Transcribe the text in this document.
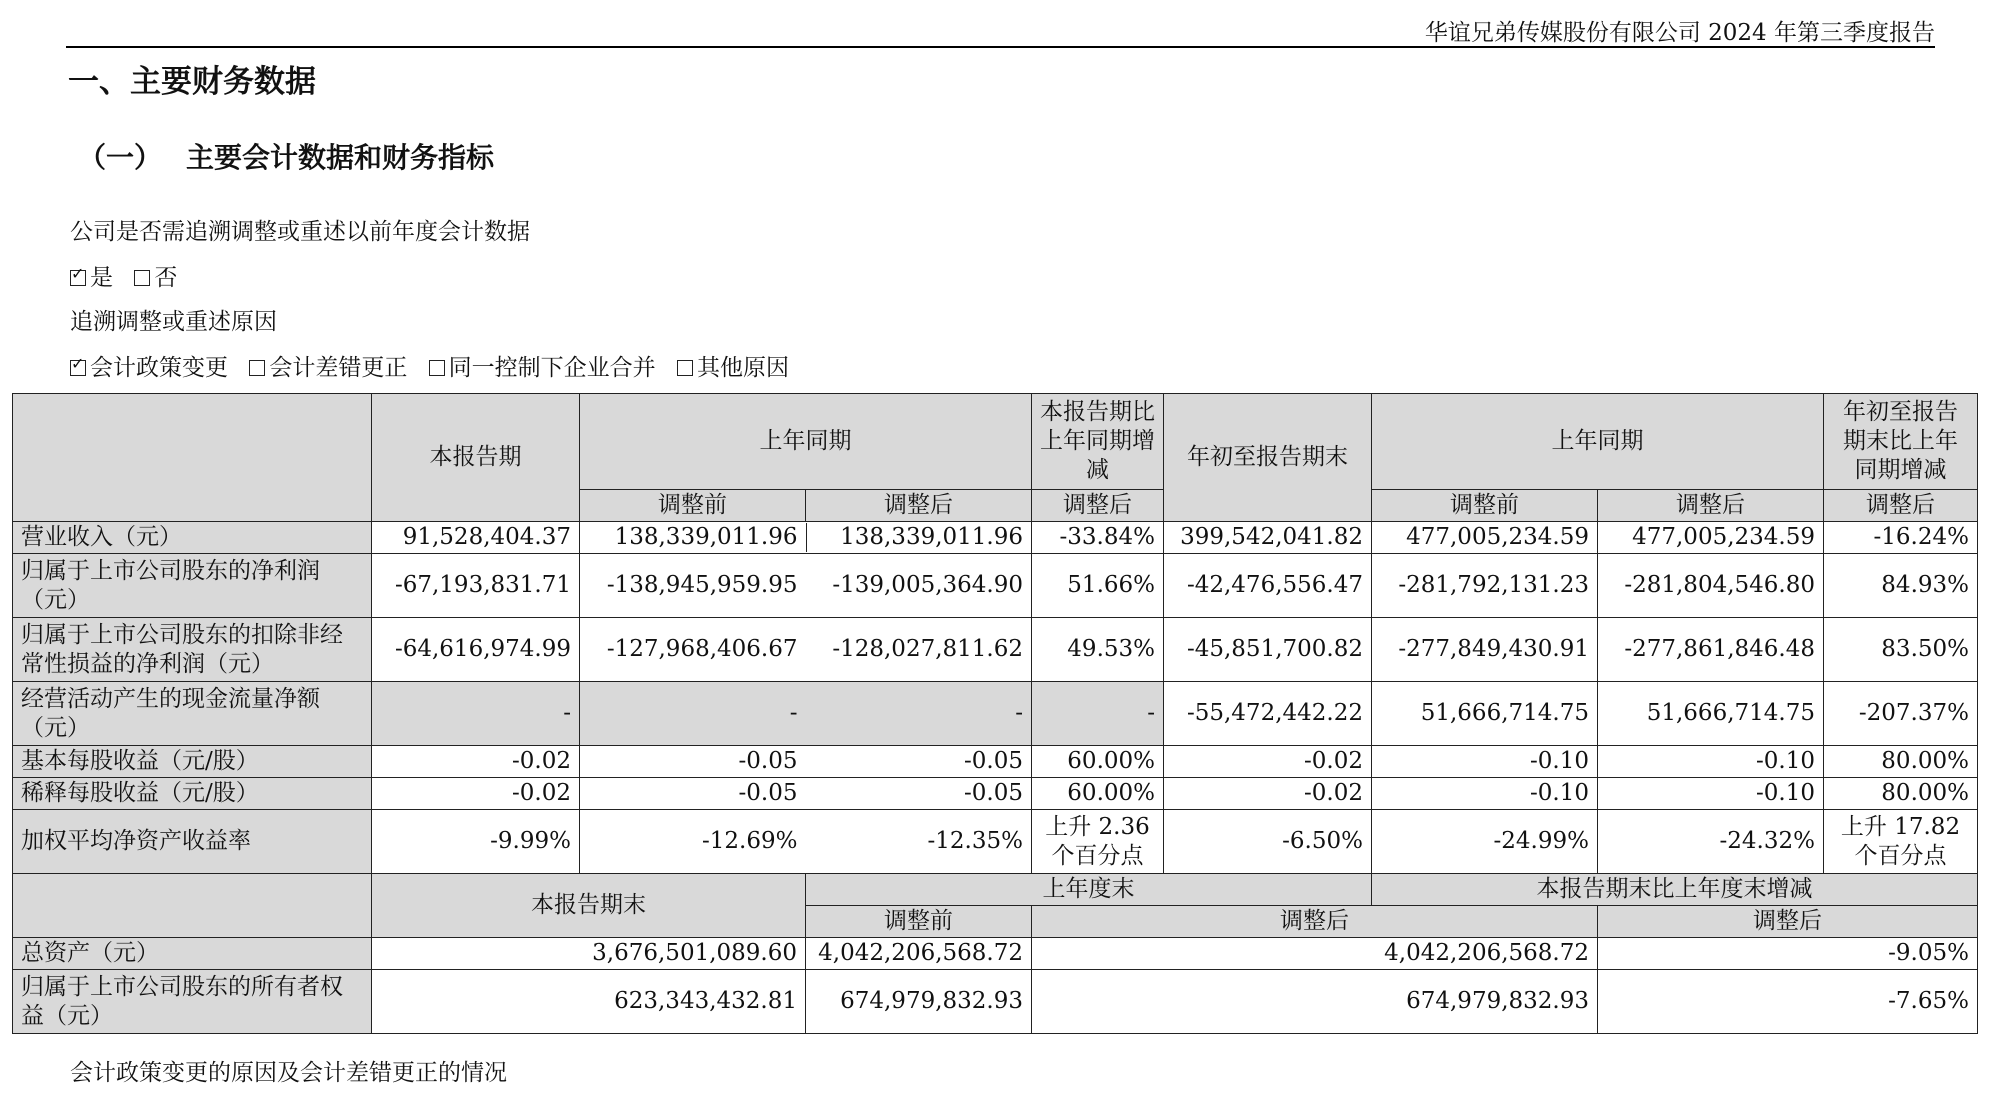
华谊兄弟传媒股份有限公司 2024 年第三季度报告
一、主要财务数据
（一） 主要会计数据和财务指标
公司是否需追溯调整或重述以前年度会计数据
✓是 否
追溯调整或重述原因
✓会计政策变更 会计差错更正 同一控制下企业合并 其他原因
	本报告期	上年同期		本报告期比上年同期增减	年初至报告期末	上年同期		年初至报告期末比上年同期增减
		调整前	调整后	调整后		调整前	调整后	调整后
营业收入（元）	91,528,404.37	138,339,011.96 138,339,011.96		-33.84%	399,542,041.82	477,005,234.59	477,005,234.59	-16.24%
归属于上市公司股东的净利润（元）	-67,193,831.71	-138,945,959.95 -139,005,364.90		51.66%	-42,476,556.47	-281,792,131.23	-281,804,546.80	84.93%
归属于上市公司股东的扣除非经常性损益的净利润（元）	-64,616,974.99	-127,968,406.67 -128,027,811.62		49.53%	-45,851,700.82	-277,849,430.91	-277,861,846.48	83.50%
经营活动产生的现金流量净额（元）	-	- -		-	-55,472,442.22	51,666,714.75	51,666,714.75	-207.37%
基本每股收益（元/股）	-0.02	-0.05 -0.05		60.00%	-0.02	-0.10	-0.10	80.00%
稀释每股收益（元/股）	-0.02	-0.05 -0.05		60.00%	-0.02	-0.10	-0.10	80.00%
加权平均净资产收益率	-9.99%	-12.69% -12.35%		上升 2.36 个百分点	-6.50%	-24.99%	-24.32%	上升 17.82 个百分点
	本报告期末		上年度末			本报告期末比上年度末增减		

			调整前	调整后			调整后	
总资产（元）	3,676,501,089.60		4,042,206,568.72	4,042,206,568.72			-9.05%	
归属于上市公司股东的所有者权益（元）	623,343,432.81		674,979,832.93	674,979,832.93			-7.65%	
会计政策变更的原因及会计差错更正的情况
